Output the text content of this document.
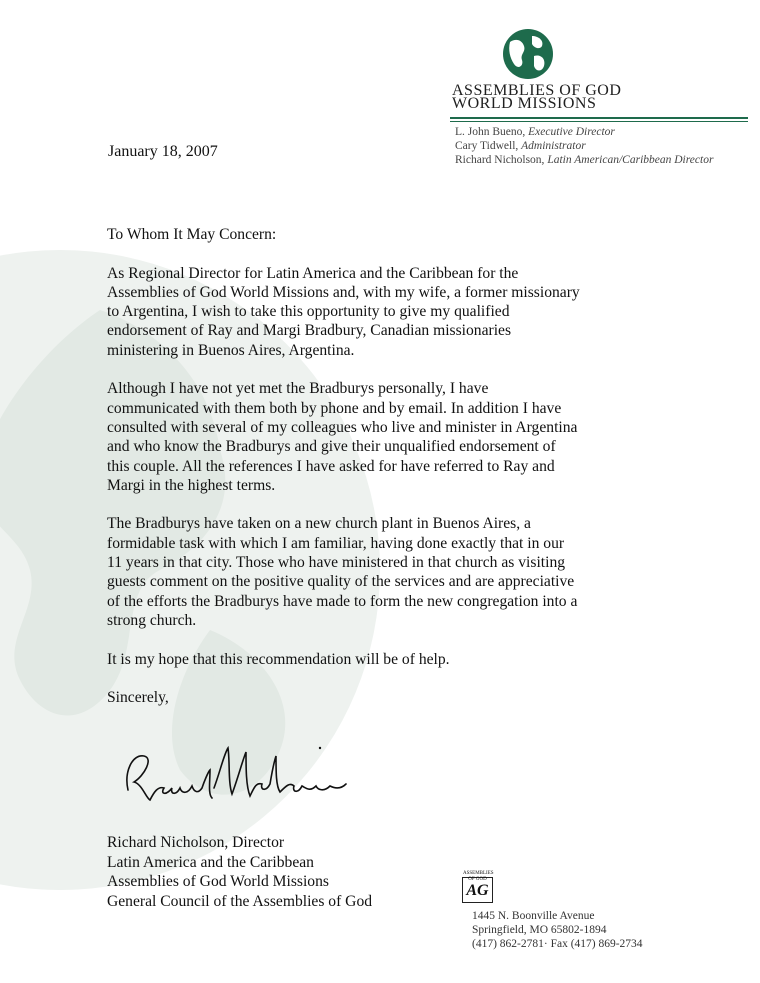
ASSEMBLIES OF GOD
WORLD MISSIONS
L. John Bueno, Executive Director
Cary Tidwell, Administrator
Richard Nicholson, Latin American/Caribbean Director
January 18, 2007

To Whom It May Concern:

As Regional Director for Latin America and the Caribbean for the
Assemblies of God World Missions and, with my wife, a former missionary
to Argentina, I wish to take this opportunity to give my qualified
endorsement of Ray and Margi Bradbury, Canadian missionaries
ministering in Buenos Aires, Argentina.

Although I have not yet met the Bradburys personally, I have
communicated with them both by phone and by email. In addition I have
consulted with several of my colleagues who live and minister in Argentina
and who know the Bradburys and give their unqualified endorsement of
this couple. All the references I have asked for have referred to Ray and
Margi in the highest terms.

The Bradburys have taken on a new church plant in Buenos Aires, a
formidable task with which I am familiar, having done exactly that in our
11 years in that city. Those who have ministered in that church as visiting
guests comment on the positive quality of the services and are appreciative
of the efforts the Bradburys have made to form the new congregation into a
strong church.

It is my hope that this recommendation will be of help.

Sincerely,

Richard Nicholson, Director
Latin America and the Caribbean
Assemblies of God World Missions
General Council of the Assemblies of God
ASSEMBLIES OF GOD
AG
1445 N. Boonville Avenue
Springfield, MO 65802-1894
(417) 862-2781· Fax (417) 869-2734
